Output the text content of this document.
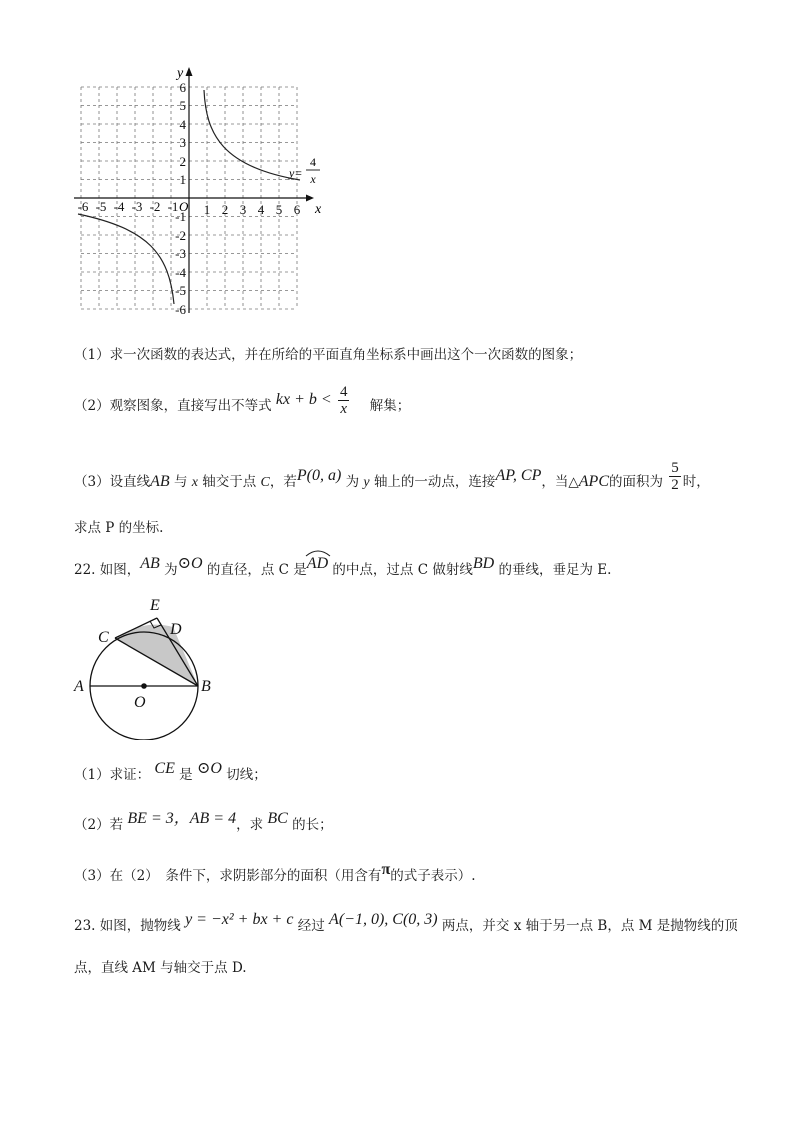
1 2 3 4 5 6
-6 -5 -4 -3 -2 -1
6
5
4
3
2
1
-1
-2
-3
-4
-5
-6
y
x
O
y=
4
x
（1）求一次函数的表达式，并在所给的平面直角坐标系中画出这个一次函数的图象；
（2）观察图象，直接写出不等式 kx + $b < \frac{4}{x}$ 解集；
（3）设直线AB 与 x 轴交于点 C，若P(0, a) 为 y 轴上的一动点，连接AP, CP，当△APC的面积为 $\frac{5}{2}$ 时，
求点 P 的坐标.
22. 如图，AB 为⊙O 的直径，点 C 是AD 的中点，过点 C 做射线BD 的垂线，垂足为 E.
E
C	D
A	B
O
（1）求证： CE 是 ⊙O 切线；
（2）若 BE = 3，AB = 4，求 BC 的长；
（3）在（2）　条件下，求阴影部分的面积（用含有π的式子表示）.
23. 如图，抛物线 y = −x² + bx + c 经过 A(−1, 0), C(0, 3) 两点，并交 x 轴于另一点 B，点 M 是抛物线的顶
点，直线 AM 与轴交于点 D.
